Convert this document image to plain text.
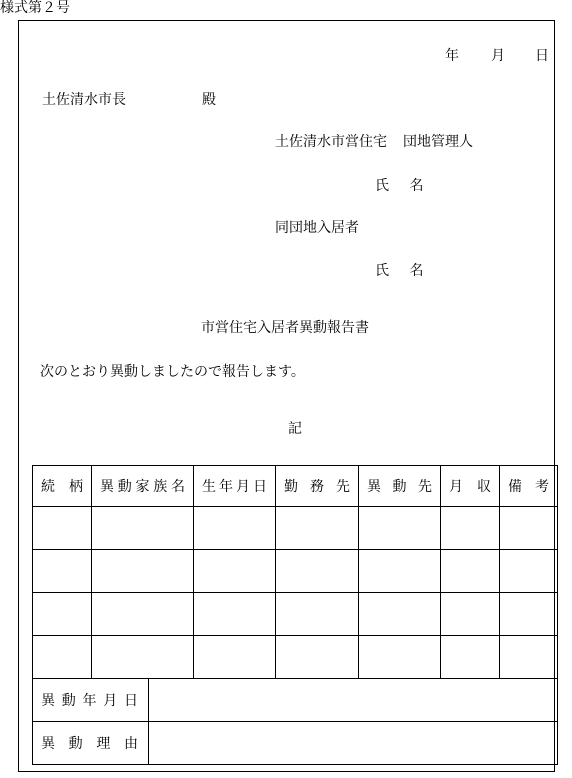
様式第２号
年 月 日
土佐清水市長	殿
土佐清水市営住宅 団地管理人
氏 名
同団地入居者
氏 名
市営住宅入居者異動報告書
次のとおり異動しましたので報告します。
記
続 柄	異 動 家 族 名		生 年 月 日	勤 務 先	異 動 先	月 収	備 考

異 動 年 月 日							

異 動 理 由							
